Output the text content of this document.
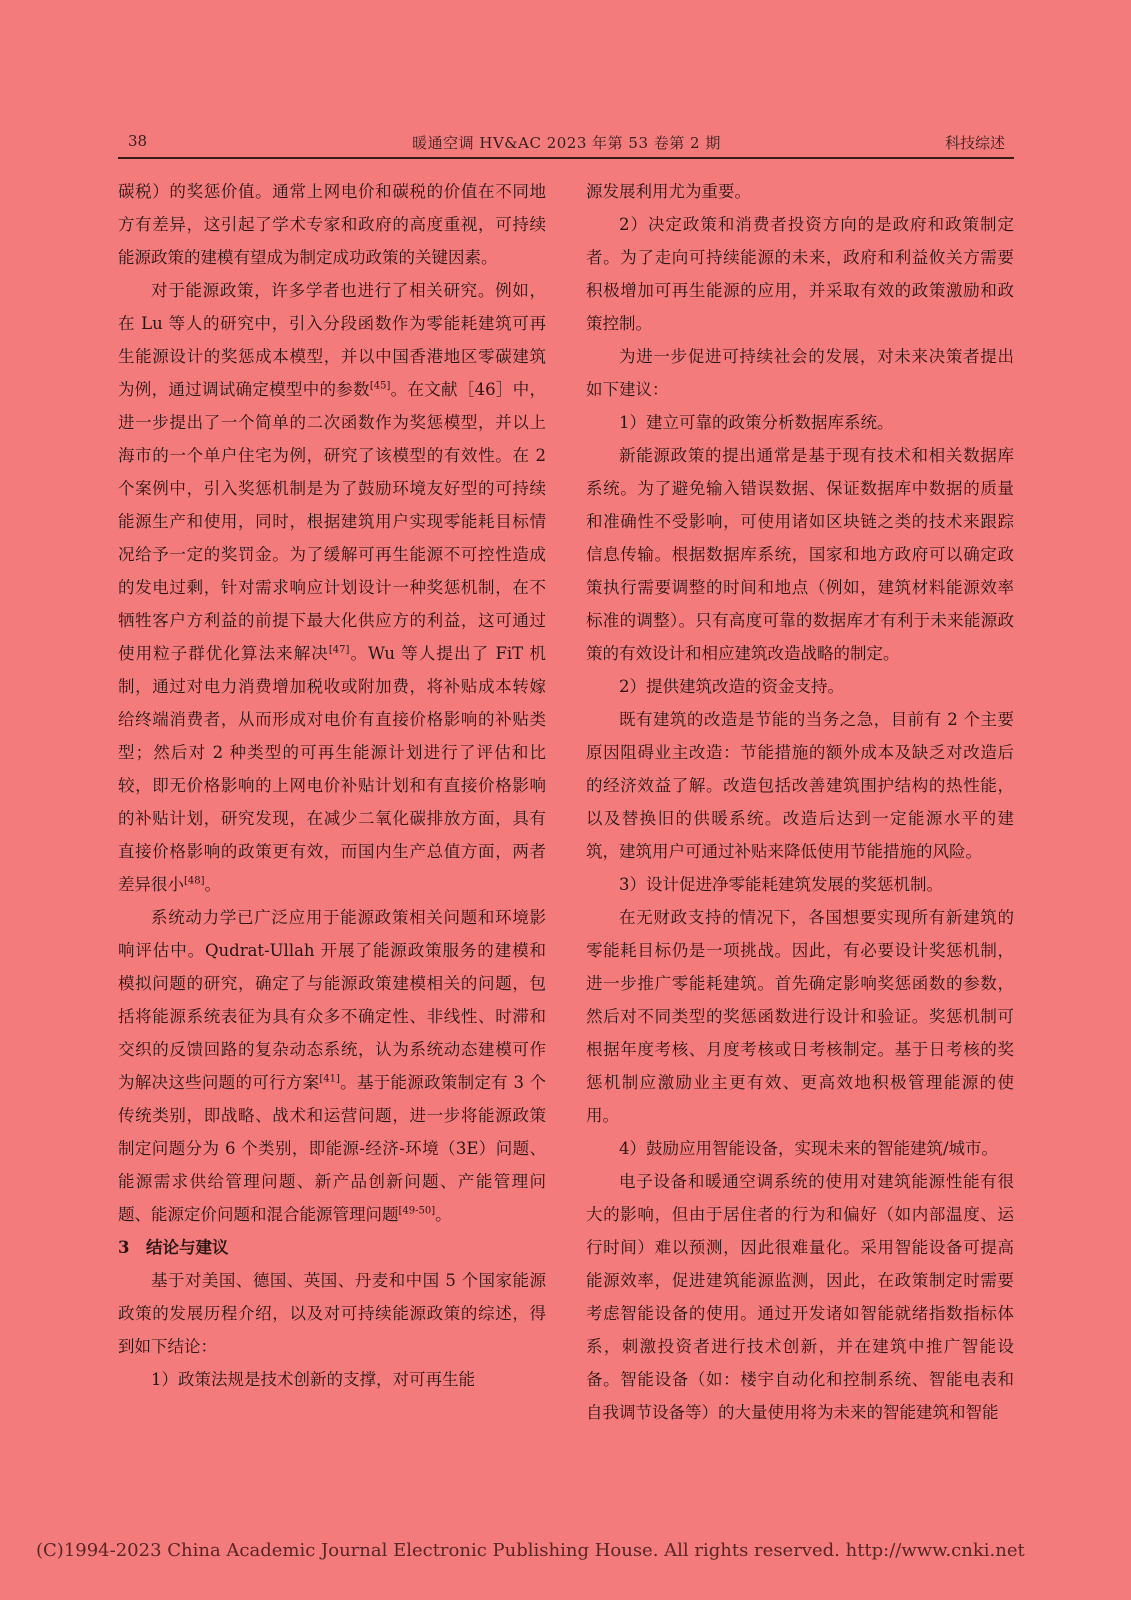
38	暖通空调 HV&AC 2023 年第 53 卷第 2 期	科技综述

碳税）的奖惩价值。通常上网电价和碳税的价值在不同地方有差异，这引起了学术专家和政府的高度重视，可持续能源政策的建模有望成为制定成功政策的关键因素。

对于能源政策，许多学者也进行了相关研究。例如，在 Lu 等人的研究中，引入分段函数作为零能耗建筑可再生能源设计的奖惩成本模型，并以中国香港地区零碳建筑为例，通过调试确定模型中的参数[45]。在文献［46］中，进一步提出了一个简单的二次函数作为奖惩模型，并以上海市的一个单户住宅为例，研究了该模型的有效性。在 2 个案例中，引入奖惩机制是为了鼓励环境友好型的可持续能源生产和使用，同时，根据建筑用户实现零能耗目标情况给予一定的奖罚金。为了缓解可再生能源不可控性造成的发电过剩，针对需求响应计划设计一种奖惩机制，在不牺牲客户方利益的前提下最大化供应方的利益，这可通过使用粒子群优化算法来解决[47]。Wu 等人提出了 FiT 机制，通过对电力消费增加税收或附加费，将补贴成本转嫁给终端消费者，从而形成对电价有直接价格影响的补贴类型；然后对 2 种类型的可再生能源计划进行了评估和比较，即无价格影响的上网电价补贴计划和有直接价格影响的补贴计划，研究发现，在减少二氧化碳排放方面，具有直接价格影响的政策更有效，而国内生产总值方面，两者差异很小[48]。

系统动力学已广泛应用于能源政策相关问题和环境影响评估中。Qudrat-Ullah 开展了能源政策服务的建模和模拟问题的研究，确定了与能源政策建模相关的问题，包括将能源系统表征为具有众多不确定性、非线性、时滞和交织的反馈回路的复杂动态系统，认为系统动态建模可作为解决这些问题的可行方案[41]。基于能源政策制定有 3 个传统类别，即战略、战术和运营问题，进一步将能源政策制定问题分为 6 个类别，即能源-经济-环境（3E）问题、能源需求供给管理问题、新产品创新问题、产能管理问题、能源定价问题和混合能源管理问题[49-50]。

3　结论与建议

基于对美国、德国、英国、丹麦和中国 5 个国家能源政策的发展历程介绍，以及对可持续能源政策的综述，得到如下结论：

1）政策法规是技术创新的支撑，对可再生能

源发展利用尤为重要。

2）决定政策和消费者投资方向的是政府和政策制定者。为了走向可持续能源的未来，政府和利益攸关方需要积极增加可再生能源的应用，并采取有效的政策激励和政策控制。

为进一步促进可持续社会的发展，对未来决策者提出如下建议：

1）建立可靠的政策分析数据库系统。

新能源政策的提出通常是基于现有技术和相关数据库系统。为了避免输入错误数据、保证数据库中数据的质量和准确性不受影响，可使用诸如区块链之类的技术来跟踪信息传输。根据数据库系统，国家和地方政府可以确定政策执行需要调整的时间和地点（例如，建筑材料能源效率标准的调整）。只有高度可靠的数据库才有利于未来能源政策的有效设计和相应建筑改造战略的制定。

2）提供建筑改造的资金支持。

既有建筑的改造是节能的当务之急，目前有 2 个主要原因阻碍业主改造：节能措施的额外成本及缺乏对改造后的经济效益了解。改造包括改善建筑围护结构的热性能，以及替换旧的供暖系统。改造后达到一定能源水平的建筑，建筑用户可通过补贴来降低使用节能措施的风险。

3）设计促进净零能耗建筑发展的奖惩机制。

在无财政支持的情况下，各国想要实现所有新建筑的零能耗目标仍是一项挑战。因此，有必要设计奖惩机制，进一步推广零能耗建筑。首先确定影响奖惩函数的参数，然后对不同类型的奖惩函数进行设计和验证。奖惩机制可根据年度考核、月度考核或日考核制定。基于日考核的奖惩机制应激励业主更有效、更高效地积极管理能源的使用。

4）鼓励应用智能设备，实现未来的智能建筑/城市。

电子设备和暖通空调系统的使用对建筑能源性能有很大的影响，但由于居住者的行为和偏好（如内部温度、运行时间）难以预测，因此很难量化。采用智能设备可提高能源效率，促进建筑能源监测，因此，在政策制定时需要考虑智能设备的使用。通过开发诸如智能就绪指数指标体系，刺激投资者进行技术创新，并在建筑中推广智能设备。智能设备（如：楼宇自动化和控制系统、智能电表和自我调节设备等）的大量使用将为未来的智能建筑和智能

(C)1994-2023 China Academic Journal Electronic Publishing House. All rights reserved. http://www.cnki.net
